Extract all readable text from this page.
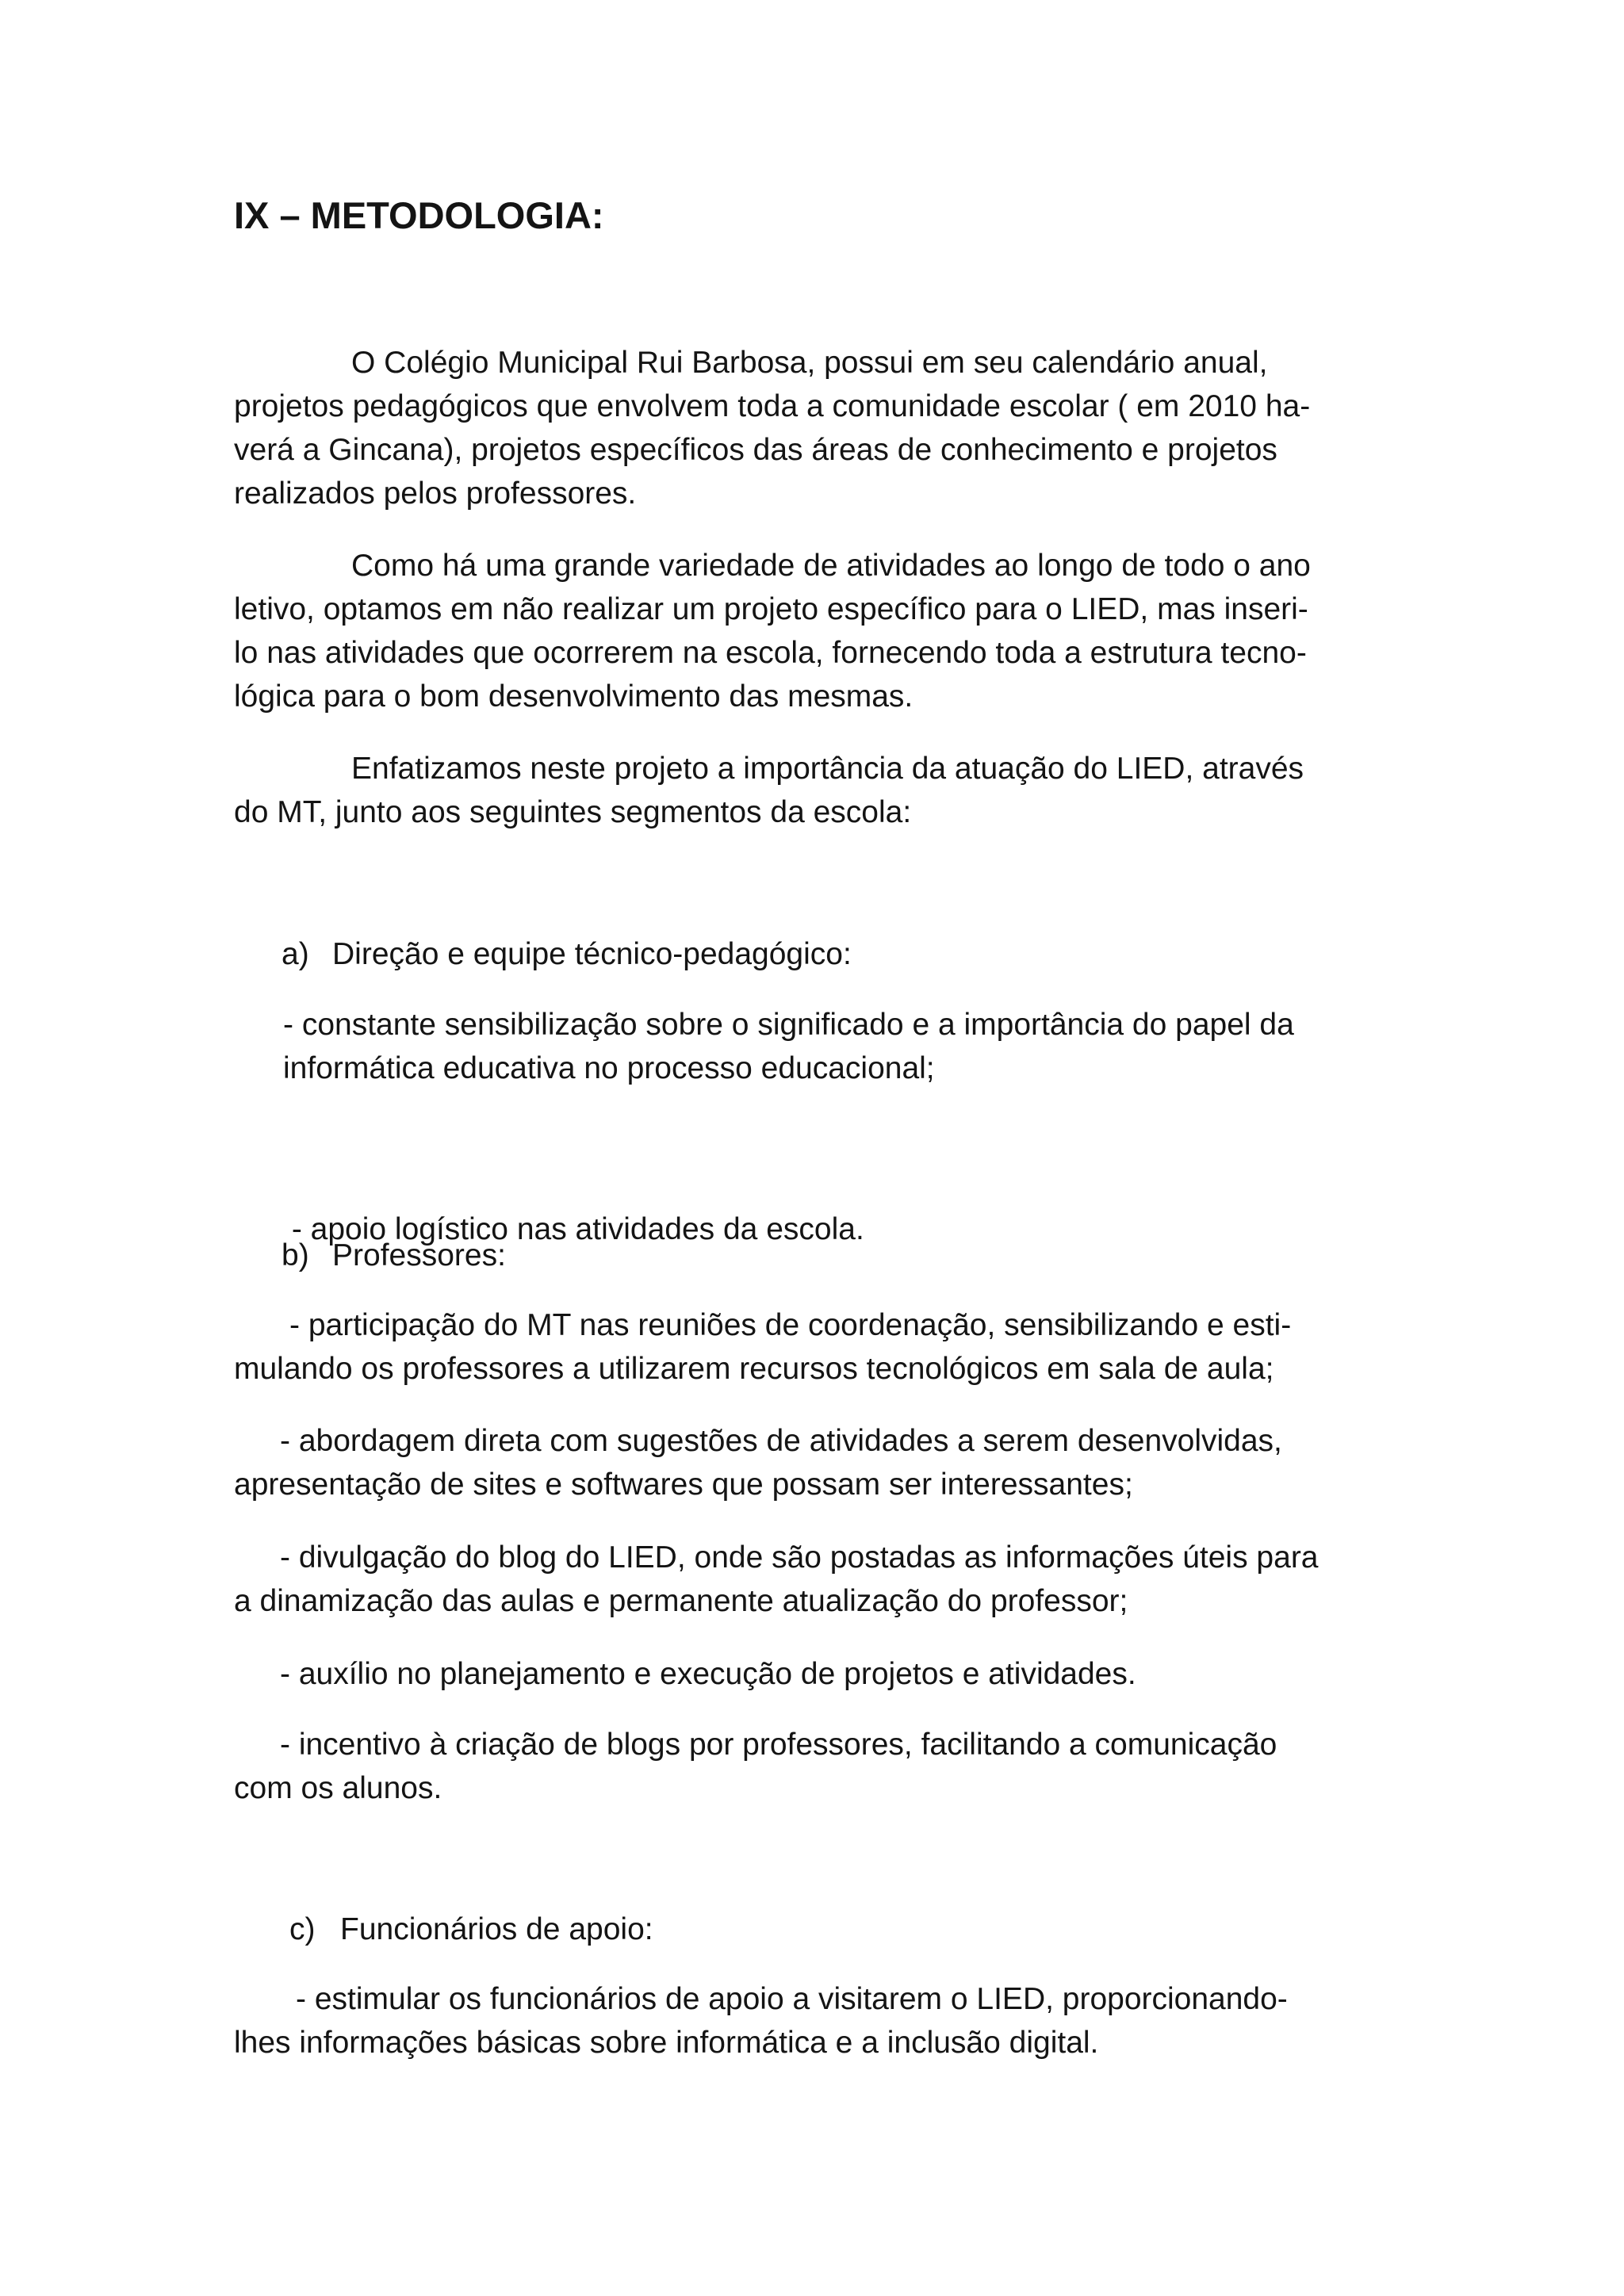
IX – METODOLOGIA:

O Colégio Municipal Rui Barbosa, possui em seu calendário anual,
projetos pedagógicos que envolvem toda a comunidade escolar ( em 2010 ha-
verá a Gincana), projetos específicos das áreas de conhecimento e projetos
realizados pelos professores.

Como há uma grande variedade de atividades ao longo de todo o ano
letivo, optamos em não realizar um projeto específico para o LIED, mas inseri-
lo nas atividades que ocorrerem na escola, fornecendo toda a estrutura tecno-
lógica para o bom desenvolvimento das mesmas.

Enfatizamos neste projeto a importância da atuação do LIED, através
do MT, junto aos seguintes segmentos da escola:

a) Direção e equipe técnico-pedagógico:

- constante sensibilização sobre o significado e a importância do papel da
informática educativa no processo educacional;

- apoio logístico nas atividades da escola.

b) Professores:

- participação do MT nas reuniões de coordenação, sensibilizando e esti-
mulando os professores a utilizarem recursos tecnológicos em sala de aula;

- abordagem direta com sugestões de atividades a serem desenvolvidas,
apresentação de sites e softwares que possam ser interessantes;

- divulgação do blog do LIED, onde são postadas as informações úteis para
a dinamização das aulas e permanente atualização do professor;

- auxílio no planejamento e execução de projetos e atividades.

- incentivo à criação de blogs por professores, facilitando a comunicação
com os alunos.

c) Funcionários de apoio:

- estimular os funcionários de apoio a visitarem o LIED, proporcionando-
lhes informações básicas sobre informática e a inclusão digital.
